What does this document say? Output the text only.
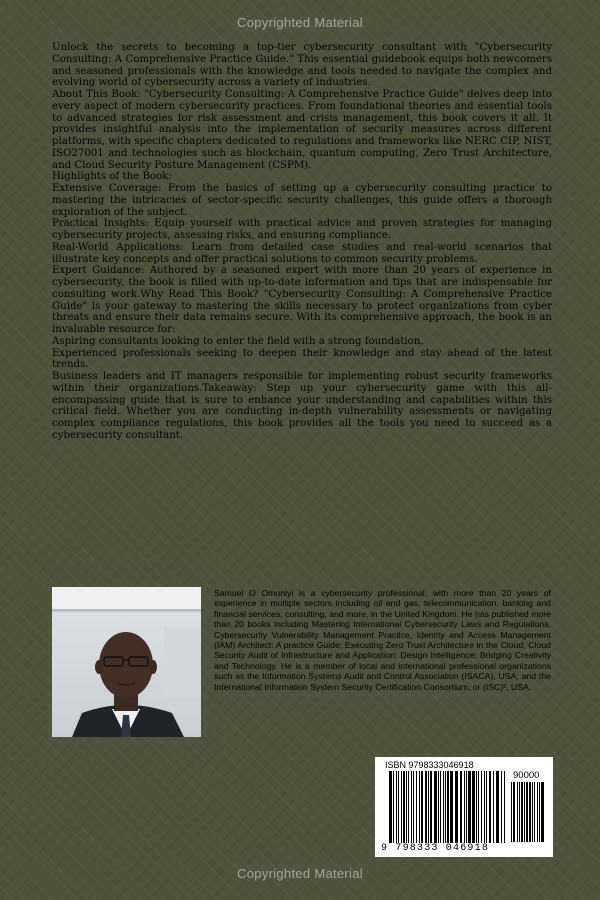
Copyrighted Material

Unlock the secrets to becoming a top-tier cybersecurity consultant with "Cybersecurity Consulting: A Comprehensive Practice Guide." This essential guidebook equips both newcomers and seasoned professionals with the knowledge and tools needed to navigate the complex and evolving world of cybersecurity across a variety of industries.

About This Book: "Cybersecurity Consulting: A Comprehensive Practice Guide" delves deep into every aspect of modern cybersecurity practices. From foundational theories and essential tools to advanced strategies for risk assessment and crisis management, this book covers it all. It provides insightful analysis into the implementation of security measures across different platforms, with specific chapters dedicated to regulations and frameworks like NERC CIP, NIST, ISO27001 and technologies such as blockchain, quantum computing, Zero Trust Architecture, and Cloud Security Posture Management (CSPM).

Highlights of the Book:

Extensive Coverage: From the basics of setting up a cybersecurity consulting practice to mastering the intricacies of sector-specific security challenges, this guide offers a thorough exploration of the subject.

Practical Insights: Equip yourself with practical advice and proven strategies for managing cybersecurity projects, assessing risks, and ensuring compliance.

Real-World Applications: Learn from detailed case studies and real-world scenarios that illustrate key concepts and offer practical solutions to common security problems.

Expert Guidance: Authored by a seasoned expert with more than 20 years of experience in cybersecurity, the book is filled with up-to-date information and tips that are indispensable for consulting work.Why Read This Book? "Cybersecurity Consulting: A Comprehensive Practice Guide" is your gateway to mastering the skills necessary to protect organizations from cyber threats and ensure their data remains secure. With its comprehensive approach, the book is an invaluable resource for:

Aspiring consultants looking to enter the field with a strong foundation.

Experienced professionals seeking to deepen their knowledge and stay ahead of the latest trends.

Business leaders and IT managers responsible for implementing robust security frameworks within their organizations.Takeaway: Step up your cybersecurity game with this all-encompassing guide that is sure to enhance your understanding and capabilities within this critical field. Whether you are conducting in-depth vulnerability assessments or navigating complex compliance regulations, this book provides all the tools you need to succeed as a cybersecurity consultant.

Samuel O Omoniyi is a cybersecurity professional, with more than 20 years of experience in multiple sectors including oil and gas, telecommunication, banking and financial services, consulting, and more, in the United Kingdom. He has published more than 20 books including Mastering International Cybersecurity Laws and Regulations, Cybersecurity Vulnerability Management Practice, Identity and Access Management (IAM) Architect: A practice Guide; Executing Zero Trust Architecture in the Cloud, Cloud Security Audit of Infrastructure and Application; Design Intelligence: Bridging Creativity and Technology. He is a member of local and international professional organizations such as the Information Systems Audit and Control Association (ISACA), USA; and the International Information System Security Certification Consortium, or (ISC)², USA.
ISBN 9798333046918
90000
9 798333 046918
Copyrighted Material
